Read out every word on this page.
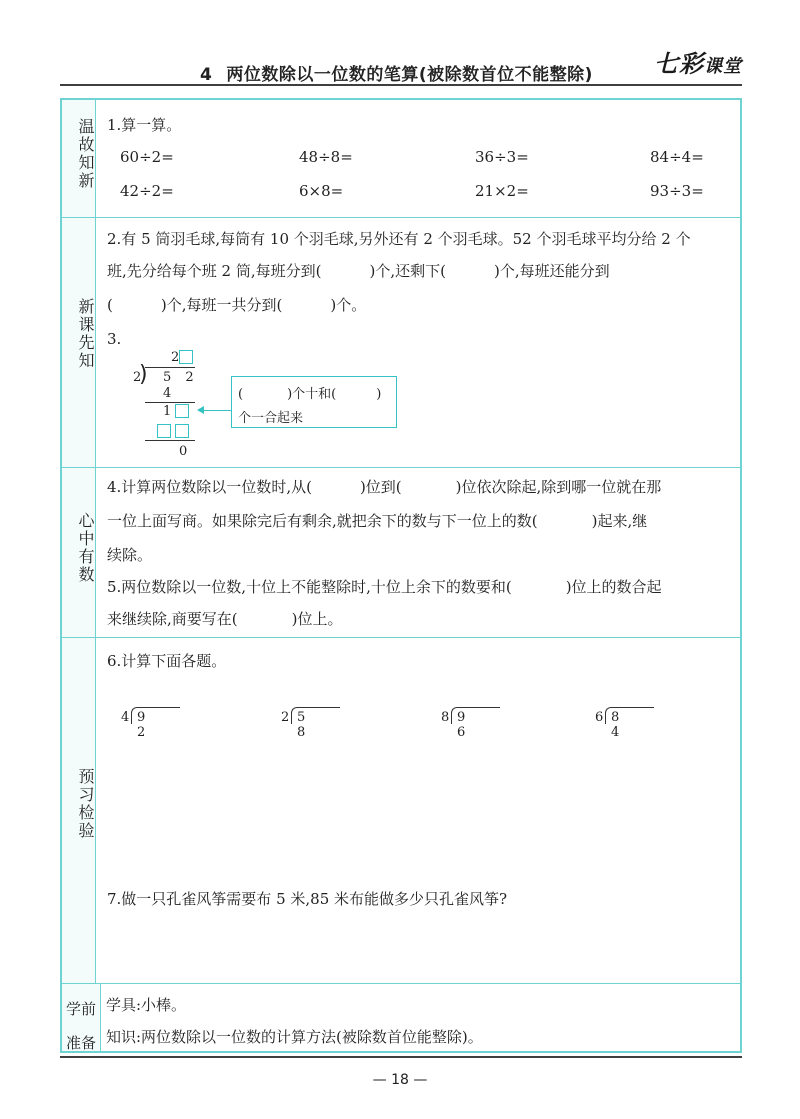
4 两位数除以一位数的笔算(被除数首位不能整除)	七彩课堂
温故知新 1.算一算。
60÷2=	48÷8=	36÷3=	84÷4=
42÷2=	6×8=	21×2=	93÷3=
新课先知
2.有 5 筒羽毛球,每筒有 10 个羽毛球,另外还有 2 个羽毛球。52 个羽毛球平均分给 2 个
班,先分给每个班 2 筒,每班分到(	)个,还剩下(	)个,每班还能分到
(	)个,每班一共分到(	)个。
3.
2
)
2 5 2
4
1
0
(	)个十和(	)
个一合起来
心中有数
4.计算两位数除以一位数时,从(	)位到(	)位依次除起,除到哪一位就在那
一位上面写商。如果除完后有剩余,就把余下的数与下一位上的数(	)起来,继
续除。
5.两位数除以一位数,十位上不能整除时,十位上余下的数要和(	)位上的数合起
来继续除,商要写在(	)位上。
预习检验
6.计算下面各题。
4 9 2
2 5 8
8 9 6
6 8 4
7.做一只孔雀风筝需要布 5 米,85 米布能做多少只孔雀风筝?
学前准备
学具:小棒。
知识:两位数除以一位数的计算方法(被除数首位能整除)。
— 18 —
